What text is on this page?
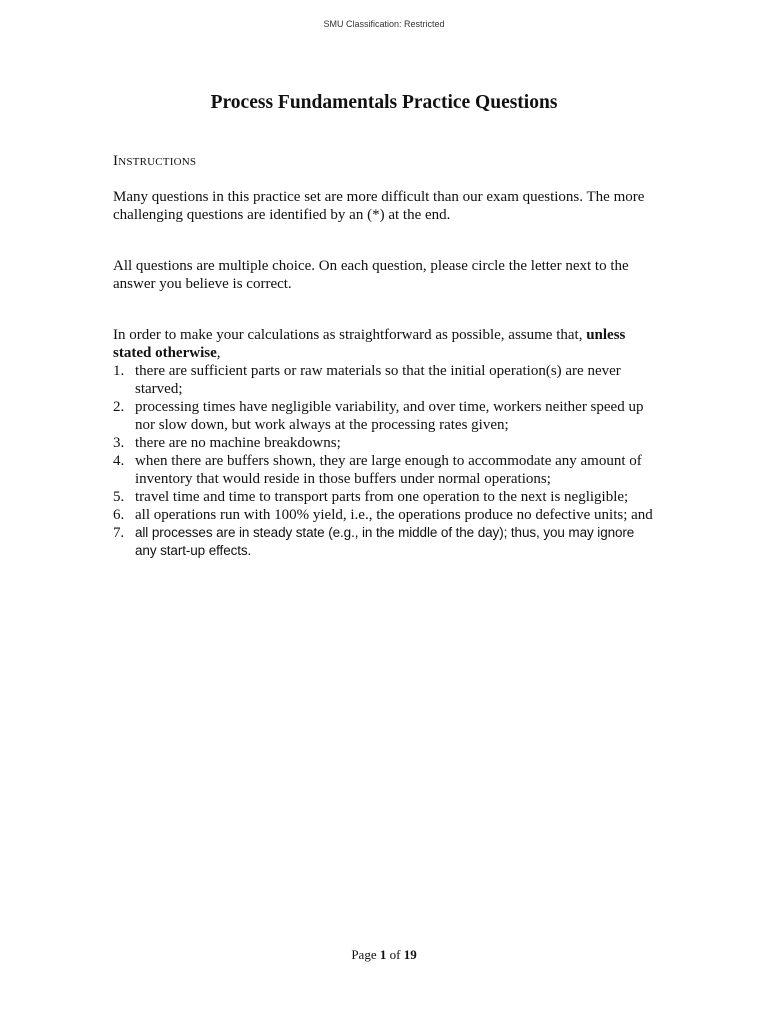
SMU Classification: Restricted
Process Fundamentals Practice Questions
Instructions

Many questions in this practice set are more difficult than our exam questions. The more challenging questions are identified by an (*) at the end.

All questions are multiple choice. On each question, please circle the letter next to the answer you believe is correct.

In order to make your calculations as straightforward as possible, assume that, unless stated otherwise,

1. there are sufficient parts or raw materials so that the initial operation(s) are never starved;
2. processing times have negligible variability, and over time, workers neither speed up nor slow down, but work always at the processing rates given;
3. there are no machine breakdowns;
4. when there are buffers shown, they are large enough to accommodate any amount of inventory that would reside in those buffers under normal operations;
5. travel time and time to transport parts from one operation to the next is negligible;
6. all operations run with 100% yield, i.e., the operations produce no defective units; and
7. all processes are in steady state (e.g., in the middle of the day); thus, you may ignore any start-up effects.
Page 1 of 19
